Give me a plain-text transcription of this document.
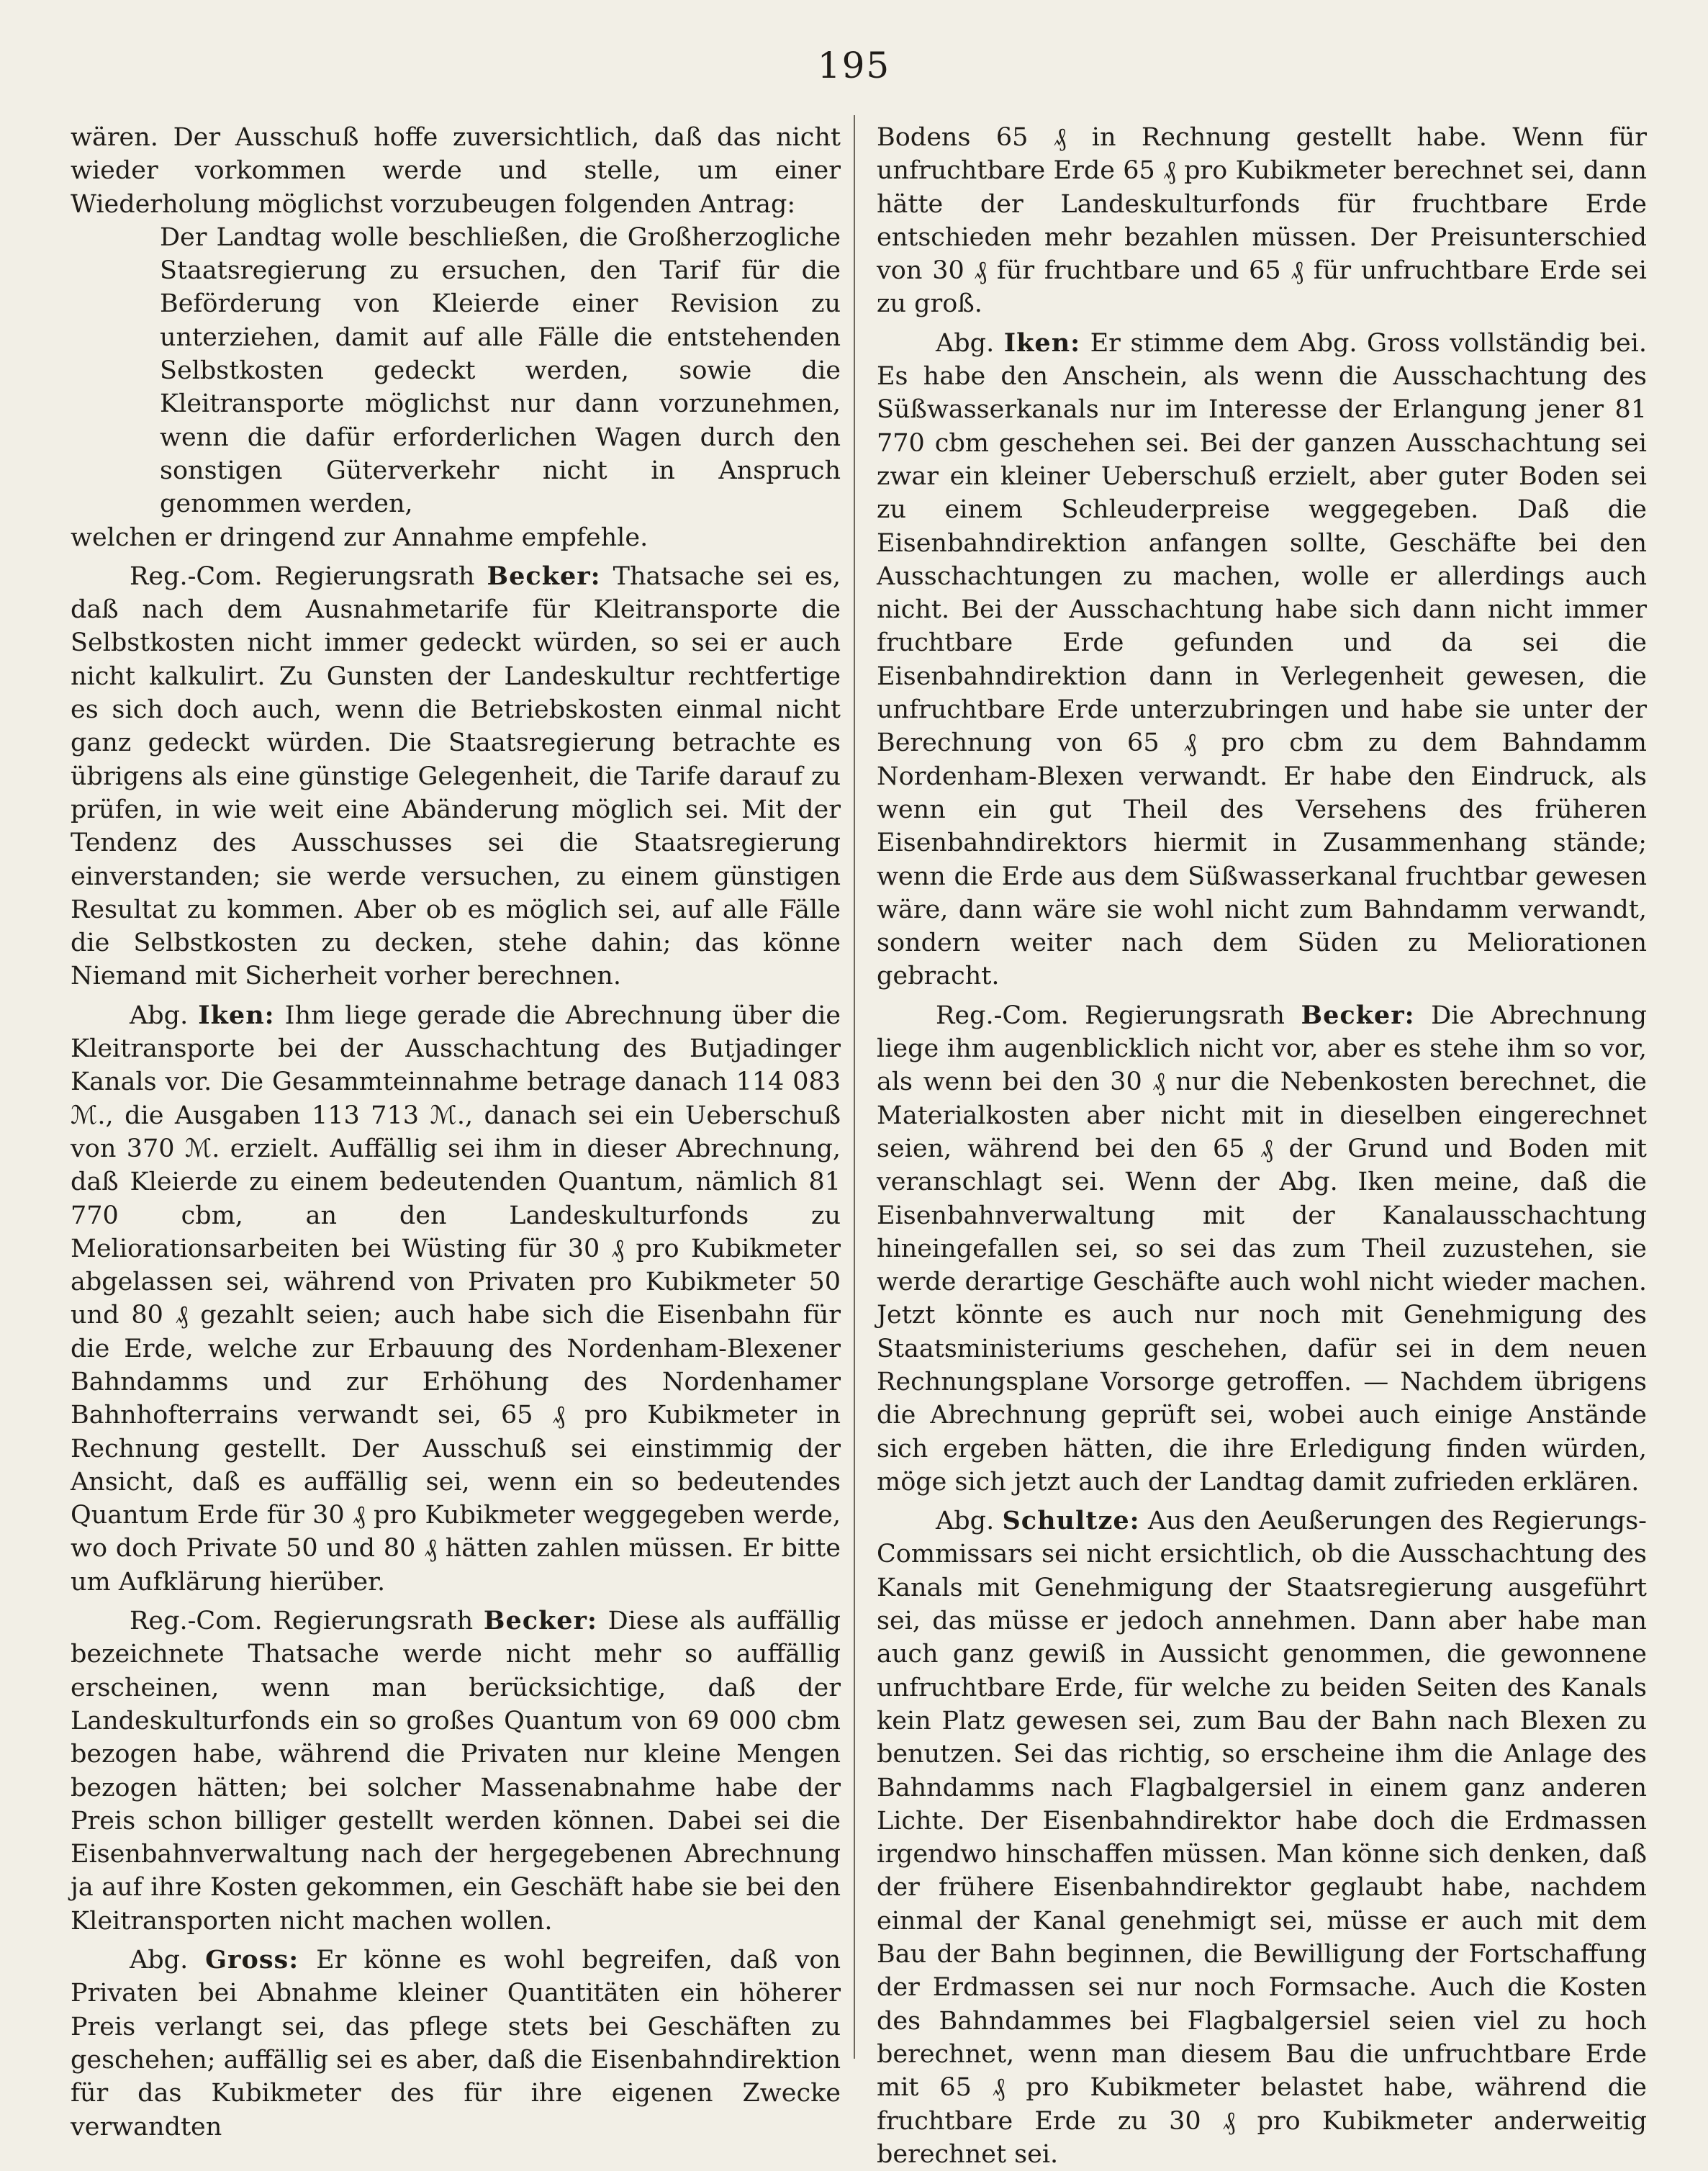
195

wären. Der Ausschuß hoffe zuversichtlich, daß das nicht wieder vorkommen werde und stelle, um einer Wiederholung möglichst vorzubeugen folgenden Antrag:

Der Landtag wolle beschließen, die Großherzogliche Staatsregierung zu ersuchen, den Tarif für die Beförderung von Kleierde einer Revision zu unterziehen, damit auf alle Fälle die entstehenden Selbstkosten gedeckt werden, sowie die Kleitransporte möglichst nur dann vorzunehmen, wenn die dafür erforderlichen Wagen durch den sonstigen Güterverkehr nicht in Anspruch genommen werden,

welchen er dringend zur Annahme empfehle.

Reg.-Com. Regierungsrath Becker: Thatsache sei es, daß nach dem Ausnahmetarife für Kleitransporte die Selbstkosten nicht immer gedeckt würden, so sei er auch nicht kalkulirt. Zu Gunsten der Landeskultur rechtfertige es sich doch auch, wenn die Betriebskosten einmal nicht ganz gedeckt würden. Die Staatsregierung betrachte es übrigens als eine günstige Gelegenheit, die Tarife darauf zu prüfen, in wie weit eine Abänderung möglich sei. Mit der Tendenz des Ausschusses sei die Staatsregierung einverstanden; sie werde versuchen, zu einem günstigen Resultat zu kommen. Aber ob es möglich sei, auf alle Fälle die Selbstkosten zu decken, stehe dahin; das könne Niemand mit Sicherheit vorher berechnen.

Abg. Iken: Ihm liege gerade die Abrechnung über die Kleitransporte bei der Ausschachtung des Butjadinger Kanals vor. Die Gesammteinnahme betrage danach 114 083 ℳ., die Ausgaben 113 713 ℳ., danach sei ein Ueberschuß von 370 ℳ. erzielt. Auffällig sei ihm in dieser Abrechnung, daß Kleierde zu einem bedeutenden Quantum, nämlich 81 770 cbm, an den Landeskulturfonds zu Meliorationsarbeiten bei Wüsting für 30 ₰ pro Kubikmeter abgelassen sei, während von Privaten pro Kubikmeter 50 und 80 ₰ gezahlt seien; auch habe sich die Eisenbahn für die Erde, welche zur Erbauung des Nordenham-Blexener Bahndamms und zur Erhöhung des Nordenhamer Bahnhofterrains verwandt sei, 65 ₰ pro Kubikmeter in Rechnung gestellt. Der Ausschuß sei einstimmig der Ansicht, daß es auffällig sei, wenn ein so bedeutendes Quantum Erde für 30 ₰ pro Kubikmeter weggegeben werde, wo doch Private 50 und 80 ₰ hätten zahlen müssen. Er bitte um Aufklärung hierüber.

Reg.-Com. Regierungsrath Becker: Diese als auffällig bezeichnete Thatsache werde nicht mehr so auffällig erscheinen, wenn man berücksichtige, daß der Landeskulturfonds ein so großes Quantum von 69 000 cbm bezogen habe, während die Privaten nur kleine Mengen bezogen hätten; bei solcher Massenabnahme habe der Preis schon billiger gestellt werden können. Dabei sei die Eisenbahnverwaltung nach der hergegebenen Abrechnung ja auf ihre Kosten gekommen, ein Geschäft habe sie bei den Kleitransporten nicht machen wollen.

Abg. Gross: Er könne es wohl begreifen, daß von Privaten bei Abnahme kleiner Quantitäten ein höherer Preis verlangt sei, das pflege stets bei Geschäften zu geschehen; auffällig sei es aber, daß die Eisenbahndirektion für das Kubikmeter des für ihre eigenen Zwecke verwandten

Bodens 65 ₰ in Rechnung gestellt habe. Wenn für unfruchtbare Erde 65 ₰ pro Kubikmeter berechnet sei, dann hätte der Landeskulturfonds für fruchtbare Erde entschieden mehr bezahlen müssen. Der Preisunterschied von 30 ₰ für fruchtbare und 65 ₰ für unfruchtbare Erde sei zu groß.

Abg. Iken: Er stimme dem Abg. Gross vollständig bei. Es habe den Anschein, als wenn die Ausschachtung des Süßwasserkanals nur im Interesse der Erlangung jener 81 770 cbm geschehen sei. Bei der ganzen Ausschachtung sei zwar ein kleiner Ueberschuß erzielt, aber guter Boden sei zu einem Schleuderpreise weggegeben. Daß die Eisenbahndirektion anfangen sollte, Geschäfte bei den Ausschachtungen zu machen, wolle er allerdings auch nicht. Bei der Ausschachtung habe sich dann nicht immer fruchtbare Erde gefunden und da sei die Eisenbahndirektion dann in Verlegenheit gewesen, die unfruchtbare Erde unterzubringen und habe sie unter der Berechnung von 65 ₰ pro cbm zu dem Bahndamm Nordenham-Blexen verwandt. Er habe den Eindruck, als wenn ein gut Theil des Versehens des früheren Eisenbahndirektors hiermit in Zusammenhang stände; wenn die Erde aus dem Süßwasserkanal fruchtbar gewesen wäre, dann wäre sie wohl nicht zum Bahndamm verwandt, sondern weiter nach dem Süden zu Meliorationen gebracht.

Reg.-Com. Regierungsrath Becker: Die Abrechnung liege ihm augenblicklich nicht vor, aber es stehe ihm so vor, als wenn bei den 30 ₰ nur die Nebenkosten berechnet, die Materialkosten aber nicht mit in dieselben eingerechnet seien, während bei den 65 ₰ der Grund und Boden mit veranschlagt sei. Wenn der Abg. Iken meine, daß die Eisenbahnverwaltung mit der Kanalausschachtung hineingefallen sei, so sei das zum Theil zuzustehen, sie werde derartige Geschäfte auch wohl nicht wieder machen. Jetzt könnte es auch nur noch mit Genehmigung des Staatsministeriums geschehen, dafür sei in dem neuen Rechnungsplane Vorsorge getroffen. — Nachdem übrigens die Abrechnung geprüft sei, wobei auch einige Anstände sich ergeben hätten, die ihre Erledigung finden würden, möge sich jetzt auch der Landtag damit zufrieden erklären.

Abg. Schultze: Aus den Aeußerungen des Regierungs-Commissars sei nicht ersichtlich, ob die Ausschachtung des Kanals mit Genehmigung der Staatsregierung ausgeführt sei, das müsse er jedoch annehmen. Dann aber habe man auch ganz gewiß in Aussicht genommen, die gewonnene unfruchtbare Erde, für welche zu beiden Seiten des Kanals kein Platz gewesen sei, zum Bau der Bahn nach Blexen zu benutzen. Sei das richtig, so erscheine ihm die Anlage des Bahndamms nach Flagbalgersiel in einem ganz anderen Lichte. Der Eisenbahndirektor habe doch die Erdmassen irgendwo hinschaffen müssen. Man könne sich denken, daß der frühere Eisenbahndirektor geglaubt habe, nachdem einmal der Kanal genehmigt sei, müsse er auch mit dem Bau der Bahn beginnen, die Bewilligung der Fortschaffung der Erdmassen sei nur noch Formsache. Auch die Kosten des Bahndammes bei Flagbalgersiel seien viel zu hoch berechnet, wenn man diesem Bau die unfruchtbare Erde mit 65 ₰ pro Kubikmeter belastet habe, während die fruchtbare Erde zu 30 ₰ pro Kubikmeter anderweitig berechnet sei.
